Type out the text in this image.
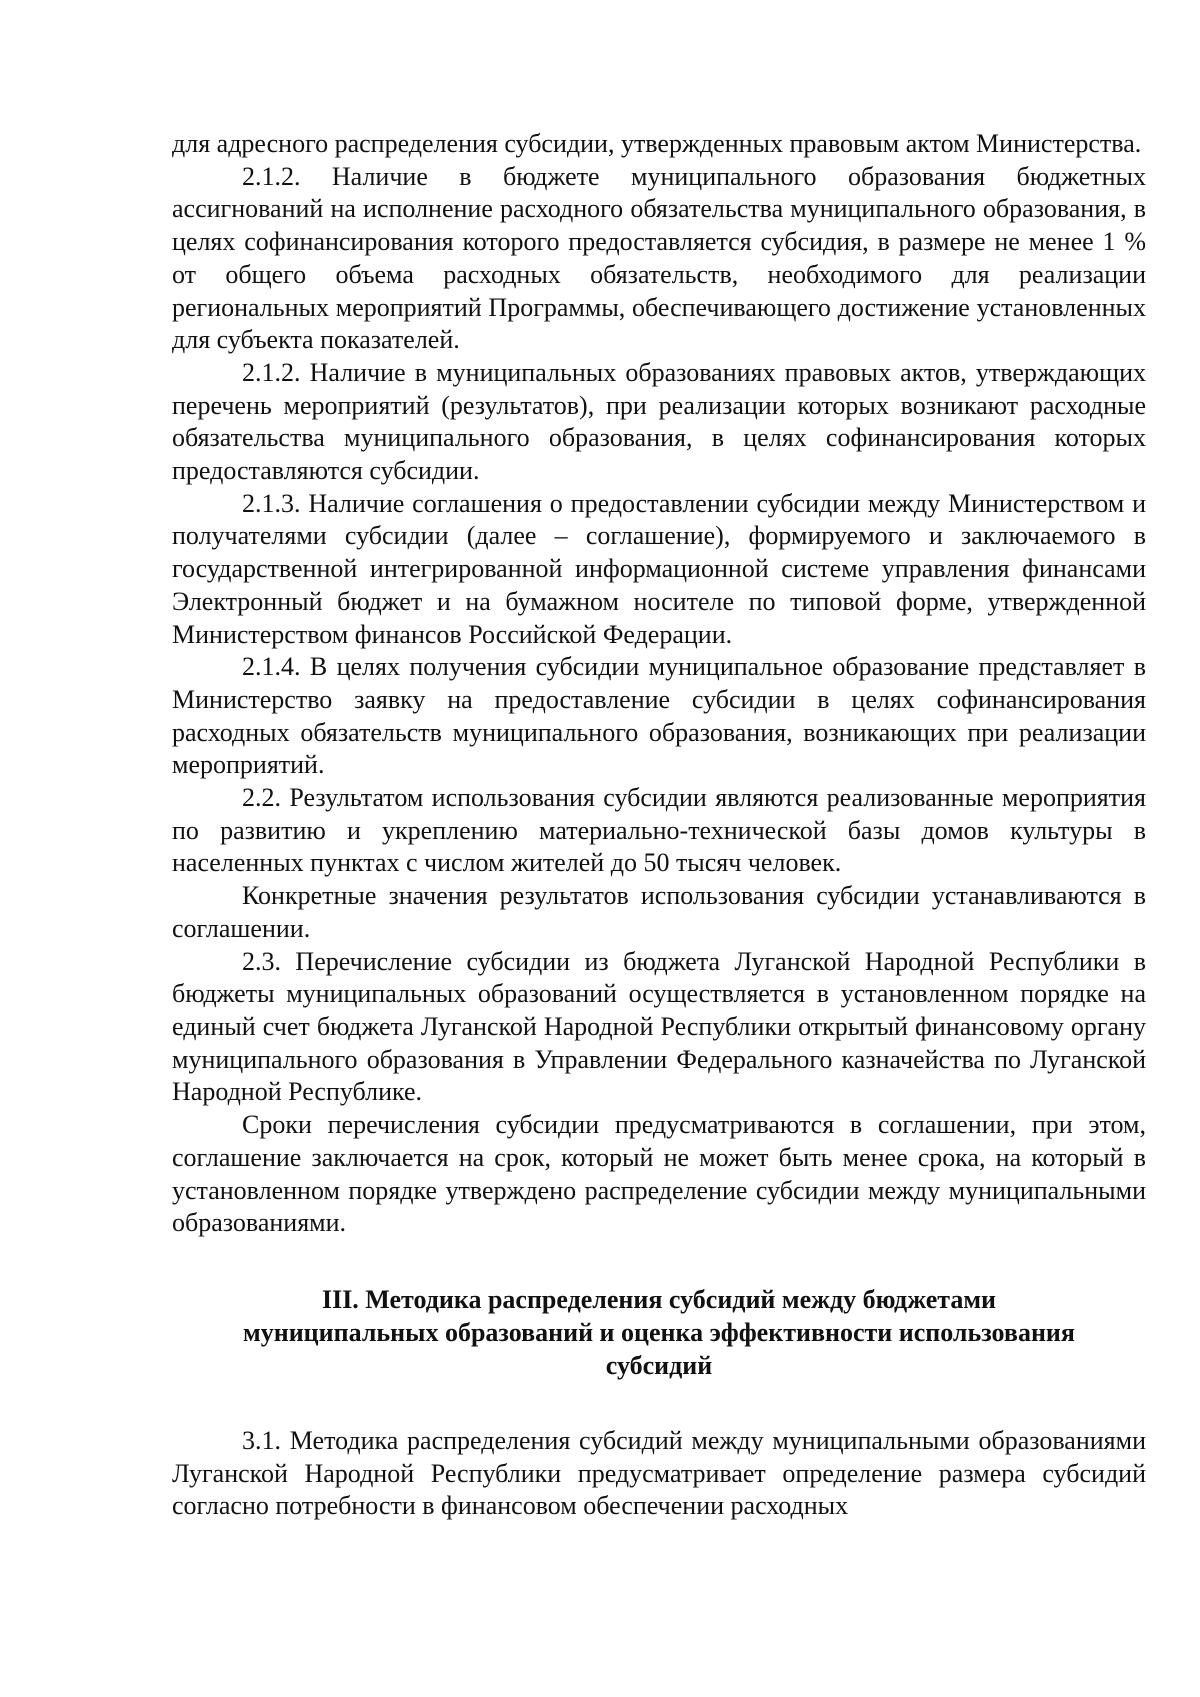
для адресного распределения субсидии, утвержденных правовым актом Министерства.

2.1.2. Наличие в бюджете муниципального образования бюджетных ассигнований на исполнение расходного обязательства муниципального образования, в целях софинансирования которого предоставляется субсидия, в размере не менее 1 % от общего объема расходных обязательств, необходимого для реализации региональных мероприятий Программы, обеспечивающего достижение установленных для субъекта показателей.

2.1.2. Наличие в муниципальных образованиях правовых актов, утверждающих перечень мероприятий (результатов), при реализации которых возникают расходные обязательства муниципального образования, в целях софинансирования которых предоставляются субсидии.

2.1.3. Наличие соглашения о предоставлении субсидии между Министерством и получателями субсидии (далее – соглашение), формируемого и заключаемого в государственной интегрированной информационной системе управления финансами Электронный бюджет и на бумажном носителе по типовой форме, утвержденной Министерством финансов Российской Федерации.

2.1.4. В целях получения субсидии муниципальное образование представляет в Министерство заявку на предоставление субсидии в целях софинансирования расходных обязательств муниципального образования, возникающих при реализации мероприятий.

2.2. Результатом использования субсидии являются реализованные мероприятия по развитию и укреплению материально-технической базы домов культуры в населенных пунктах с числом жителей до 50 тысяч человек.

Конкретные значения результатов использования субсидии устанавливаются в соглашении.

2.3. Перечисление субсидии из бюджета Луганской Народной Республики в бюджеты муниципальных образований осуществляется в установленном порядке на единый счет бюджета Луганской Народной Республики открытый финансовому органу муниципального образования в Управлении Федерального казначейства по Луганской Народной Республике.

Сроки перечисления субсидии предусматриваются в соглашении, при этом, соглашение заключается на срок, который не может быть менее срока, на который в установленном порядке утверждено распределение субсидии между муниципальными образованиями.

III. Методика распределения субсидий между бюджетами муниципальных образований и оценка эффективности использования субсидий

3.1. Методика распределения субсидий между муниципальными образованиями Луганской Народной Республики предусматривает определение размера субсидий согласно потребности в финансовом обеспечении расходных
